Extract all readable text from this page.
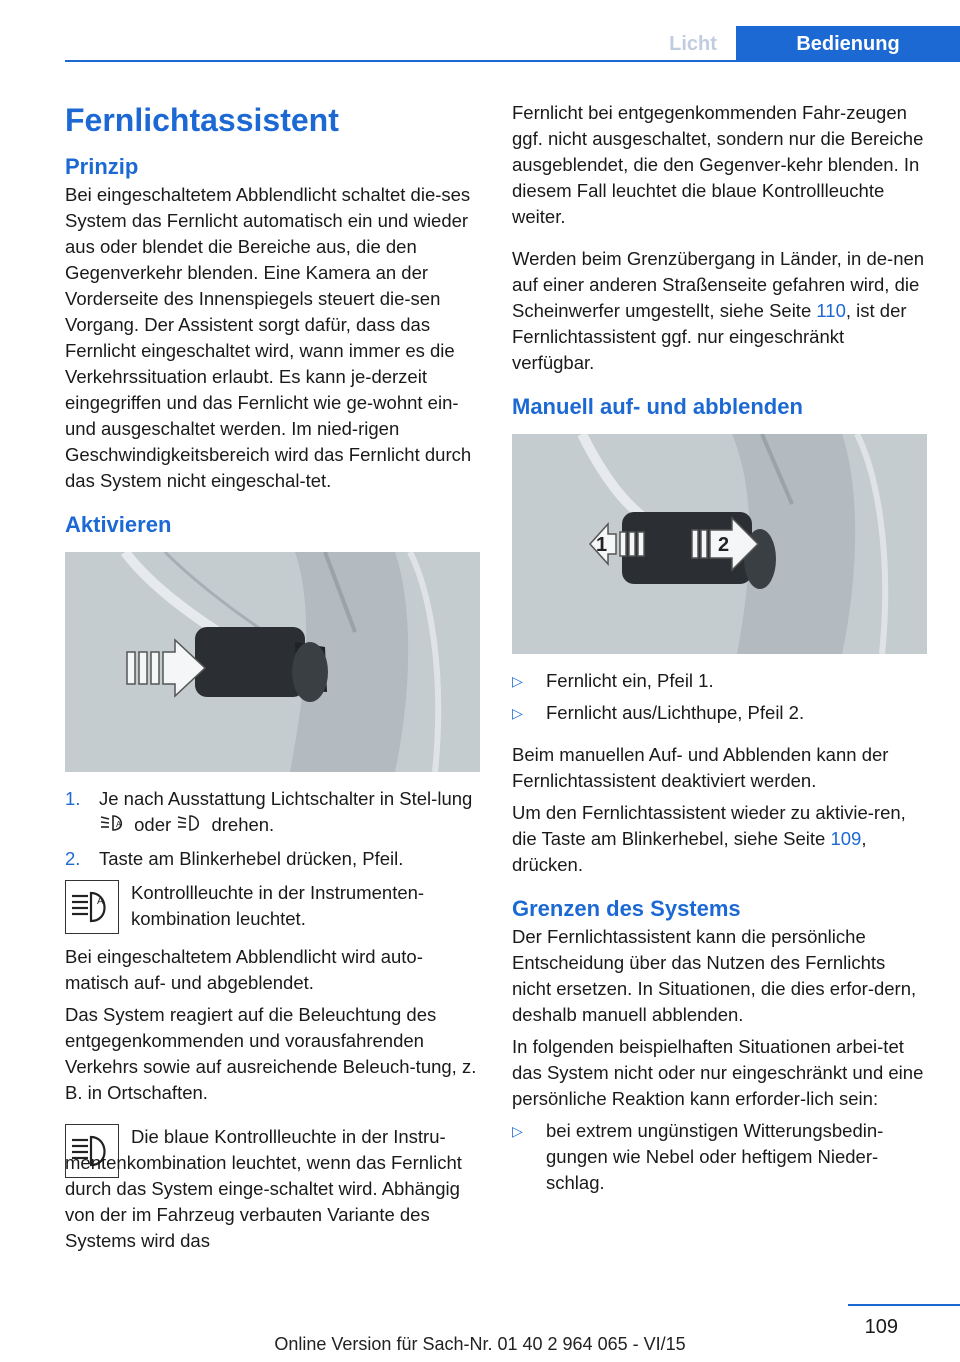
Licht	Bedienung
Fernlichtassistent
Prinzip

Bei eingeschaltetem Abblendlicht schaltet die-ses System das Fernlicht automatisch ein und wieder aus oder blendet die Bereiche aus, die den Gegenverkehr blenden. Eine Kamera an der Vorderseite des Innenspiegels steuert die-sen Vorgang. Der Assistent sorgt dafür, dass das Fernlicht eingeschaltet wird, wann immer es die Verkehrssituation erlaubt. Es kann je-derzeit eingegriffen und das Fernlicht wie ge-wohnt ein- und ausgeschaltet werden. Im nied-rigen Geschwindigkeitsbereich wird das Fernlicht durch das System nicht eingeschal-tet.

Aktivieren
1. Je nach Ausstattung Lichtschalter in Stel-lung
A oder drehen.
2. Taste am Blinkerhebel drücken, Pfeil.
A	Kontrollleuchte in der Instrumenten-kombination leuchtet.

Bei eingeschaltetem Abblendlicht wird auto-matisch auf- und abgeblendet.

Das System reagiert auf die Beleuchtung des entgegenkommenden und vorausfahrenden Verkehrs sowie auf ausreichende Beleuch-tung, z. B. in Ortschaften.

Die blaue Kontrollleuchte in der Instru-mentenkombination leuchtet, wenn das Fernlicht durch das System einge-schaltet wird. Abhängig von der im Fahrzeug verbauten Variante des Systems wird das

Fernlicht bei entgegenkommenden Fahr-zeugen ggf. nicht ausgeschaltet, sondern nur die Bereiche ausgeblendet, die den Gegenver-kehr blenden. In diesem Fall leuchtet die blaue Kontrollleuchte weiter.

Werden beim Grenzübergang in Länder, in de-nen auf einer anderen Straßenseite gefahren wird, die Scheinwerfer umgestellt, siehe Seite 110, ist der Fernlichtassistent ggf. nur eingeschränkt verfügbar.

Manuell auf- und abblenden
1	2
▷ Fernlicht ein, Pfeil 1.
▷ Fernlicht aus/Lichthupe, Pfeil 2.

Beim manuellen Auf- und Abblenden kann der Fernlichtassistent deaktiviert werden.

Um den Fernlichtassistent wieder zu aktivie-ren, die Taste am Blinkerhebel, siehe Seite 109, drücken.

Grenzen des Systems

Der Fernlichtassistent kann die persönliche Entscheidung über das Nutzen des Fernlichts nicht ersetzen. In Situationen, die dies erfor-dern, deshalb manuell abblenden.

In folgenden beispielhaften Situationen arbei-tet das System nicht oder nur eingeschränkt und eine persönliche Reaktion kann erforder-lich sein:

▷ bei extrem ungünstigen Witterungsbedin-gungen wie Nebel oder heftigem Nieder-schlag.
109
Online Version für Sach-Nr. 01 40 2 964 065 - VI/15
